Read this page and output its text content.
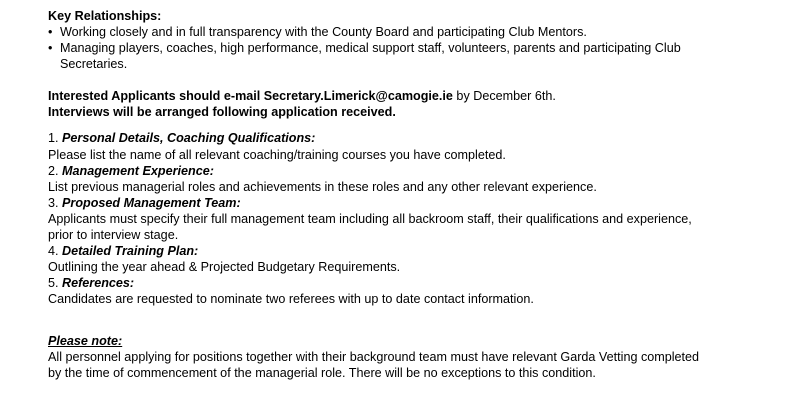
Key Relationships:
• Working closely and in full transparency with the County Board and participating Club Mentors.
• Managing players, coaches, high performance, medical support staff, volunteers, parents and participating Club
Secretaries.
Interested Applicants should e-mail Secretary.Limerick@camogie.ie by December 6th.
Interviews will be arranged following application received.
1. Personal Details, Coaching Qualifications:
Please list the name of all relevant coaching/training courses you have completed.
2. Management Experience:
List previous managerial roles and achievements in these roles and any other relevant experience.
3. Proposed Management Team:
Applicants must specify their full management team including all backroom staff, their qualifications and experience,
prior to interview stage.
4. Detailed Training Plan:
Outlining the year ahead & Projected Budgetary Requirements.
5. References:
Candidates are requested to nominate two referees with up to date contact information.
Please note:
All personnel applying for positions together with their background team must have relevant Garda Vetting completed
by the time of commencement of the managerial role. There will be no exceptions to this condition.
